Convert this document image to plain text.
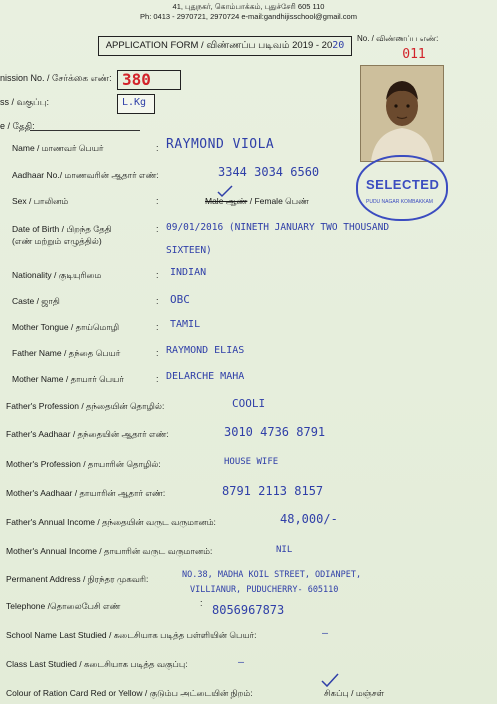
41, புதுநகர், கொம்பாக்கம், புதுச்சேரி 605 110
Ph: 0413 - 2970721, 2970724 e-mail:gandhijisschool@gmail.com
APPLICATION FORM / விண்ணப்ப படிவம் 2019 - 2020
No. / விண்ணப்ப எண்:
011
nission No. / சேர்க்கை எண்: 380
ss / வகுப்பு:	L.Kg
e / தேதி:
SELECTED
PUDU NAGAR KOMBAKKAM
Name / மாணவர் பெயர்	: RAYMOND VIOLA
Aadhaar No./ மாணவரின் ஆதார் எண்:	3344 3034 6560
Sex / பாலினம்	:	Male ஆண் / Female பெண்
Date of Birth / பிறந்த தேதி
(எண் மற்றும் எழுத்தில்)
: 09/01/2016 (NINETH JANUARY TWO THOUSAND
SIXTEEN)
Nationality / குடியுரிமை	: INDIAN
Caste / ஜாதி	: OBC
Mother Tongue / தாய்மொழி	: TAMIL
Father Name / தந்தை பெயர்	: RAYMOND ELIAS
Mother Name / தாயார் பெயர்	: DELARCHE MAHA
Father's Profession / தந்தையின் தொழில்:	COOLI
Father's Aadhaar / தந்தையின் ஆதார் எண்:	3010 4736 8791
Mother's Profession / தாயாரின் தொழில்:	HOUSE WIFE
Mother's Aadhaar / தாயாரின் ஆதார் எண்:	8791 2113 8157
Father's Annual Income / தந்தையின் வருட வருமானம்:	48,000/-
Mother's Annual Income / தாயாரின் வருட வருமானம்:	NIL
Permanent Address / நிரந்தர முகவரி:	NO.38, MADHA KOIL STREET, ODIANPET,
VILLIANUR, PUDUCHERRY- 605110
Telephone /தொலைபேசி எண்	: 8056967873
School Name Last Studied / கடைசியாக படித்த பள்ளியின் பெயர்:	—
Class Last Studied / கடைசியாக படித்த வகுப்பு:	—
Colour of Ration Card Red or Yellow / குடும்ப அட்டையின் நிறம்:	சிகப்பு / மஞ்சள்
